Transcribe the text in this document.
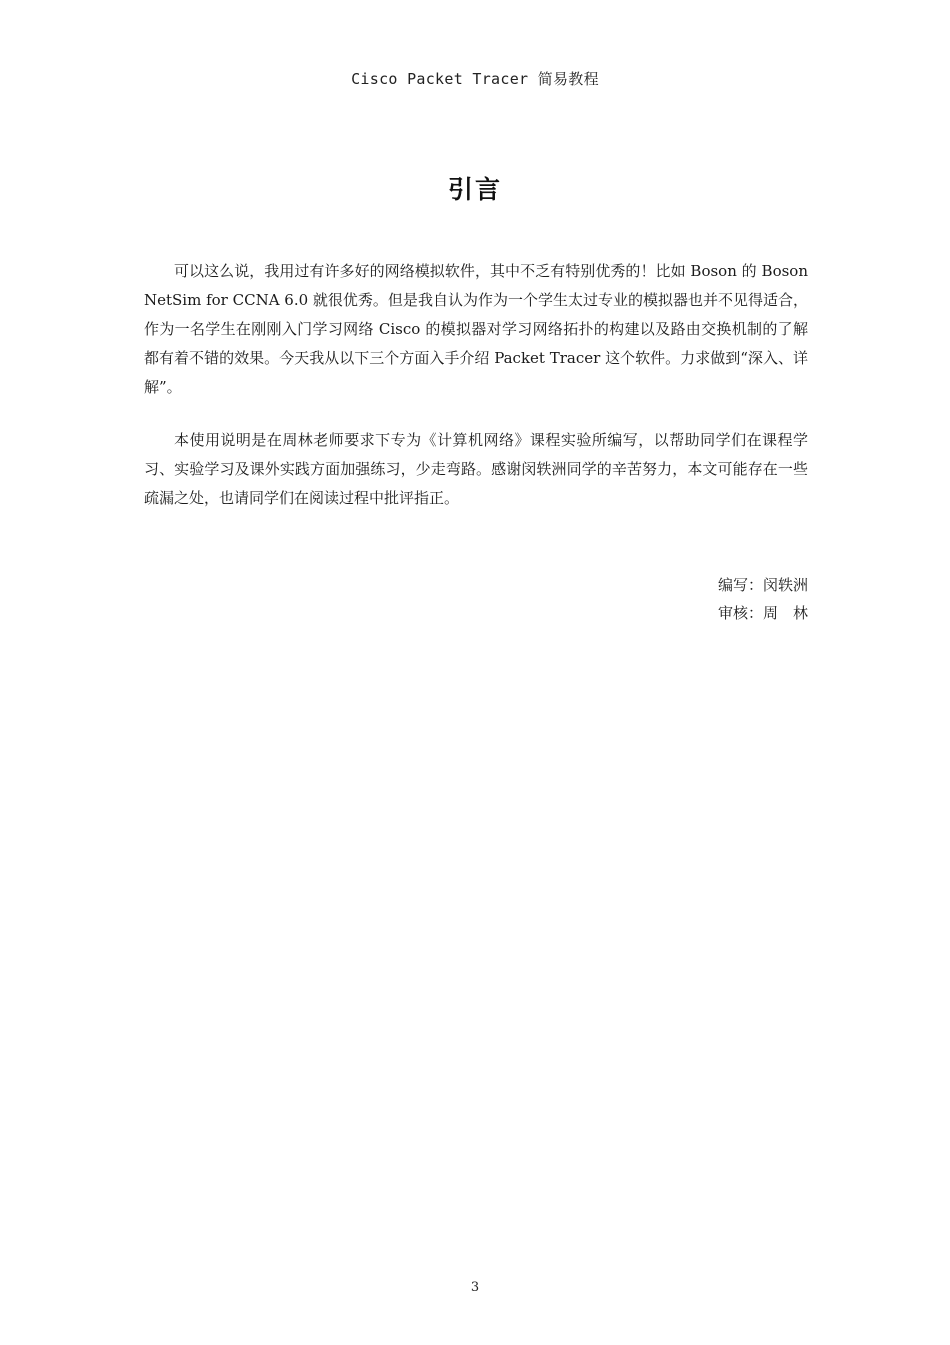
Cisco Packet Tracer 简易教程
引言

可以这么说，我用过有许多好的网络模拟软件，其中不乏有特别优秀的！比如 Boson 的 Boson　NetSim for CCNA 6.0 就很优秀。但是我自认为作为一个学生太过专业的模拟器也并不见得适合，作为一名学生在刚刚入门学习网络 Cisco 的模拟器对学习网络拓扑的构建以及路由交换机制的了解都有着不错的效果。今天我从以下三个方面入手介绍 Packet Tracer 这个软件。力求做到“深入、详解”。

本使用说明是在周林老师要求下专为《计算机网络》课程实验所编写，以帮助同学们在课程学习、实验学习及课外实践方面加强练习，少走弯路。感谢闵轶洲同学的辛苦努力，本文可能存在一些疏漏之处，也请同学们在阅读过程中批评指正。

编写：闵轶洲
审核：周　林
3
